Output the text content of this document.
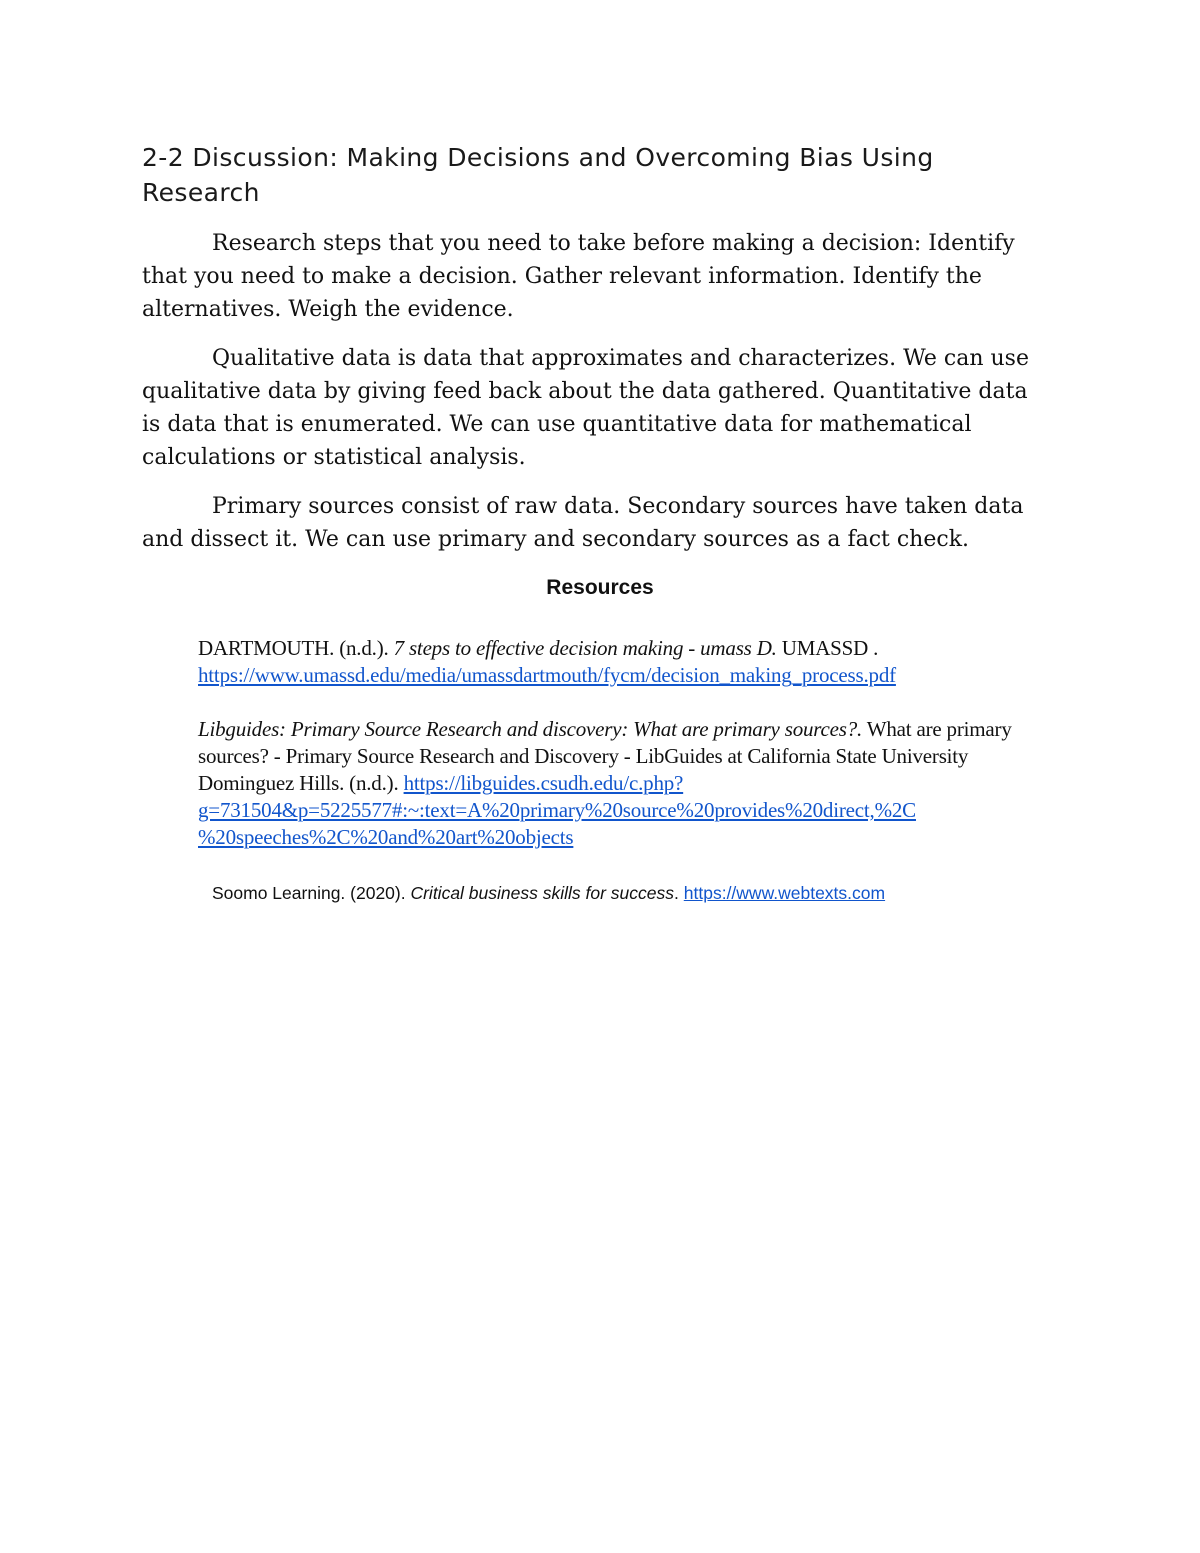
2-2 Discussion: Making Decisions and Overcoming Bias Using Research

Research steps that you need to take before making a decision: Identify that you need to make a decision. Gather relevant information. Identify the alternatives. Weigh the evidence.

Qualitative data is data that approximates and characterizes. We can use qualitative data by giving feed back about the data gathered. Quantitative data is data that is enumerated. We can use quantitative data for mathematical calculations or statistical analysis.

Primary sources consist of raw data. Secondary sources have taken data and dissect it. We can use primary and secondary sources as a fact check.

Resources

DARTMOUTH. (n.d.). 7 steps to effective decision making - umass D. UMASSD .
https://www.umassd.edu/media/umassdartmouth/fycm/decision_making_process.pdf

Libguides: Primary Source Research and discovery: What are primary sources?. What are primary sources? - Primary Source Research and Discovery - LibGuides at California State University Dominguez Hills. (n.d.). https://libguides.csudh.edu/c.php?
g=731504&p=5225577#:~:text=A%20primary%20source%20provides%20direct,%2C
%20speeches%2C%20and%20art%20objects

Soomo Learning. (2020). Critical business skills for success. https://www.webtexts.com
